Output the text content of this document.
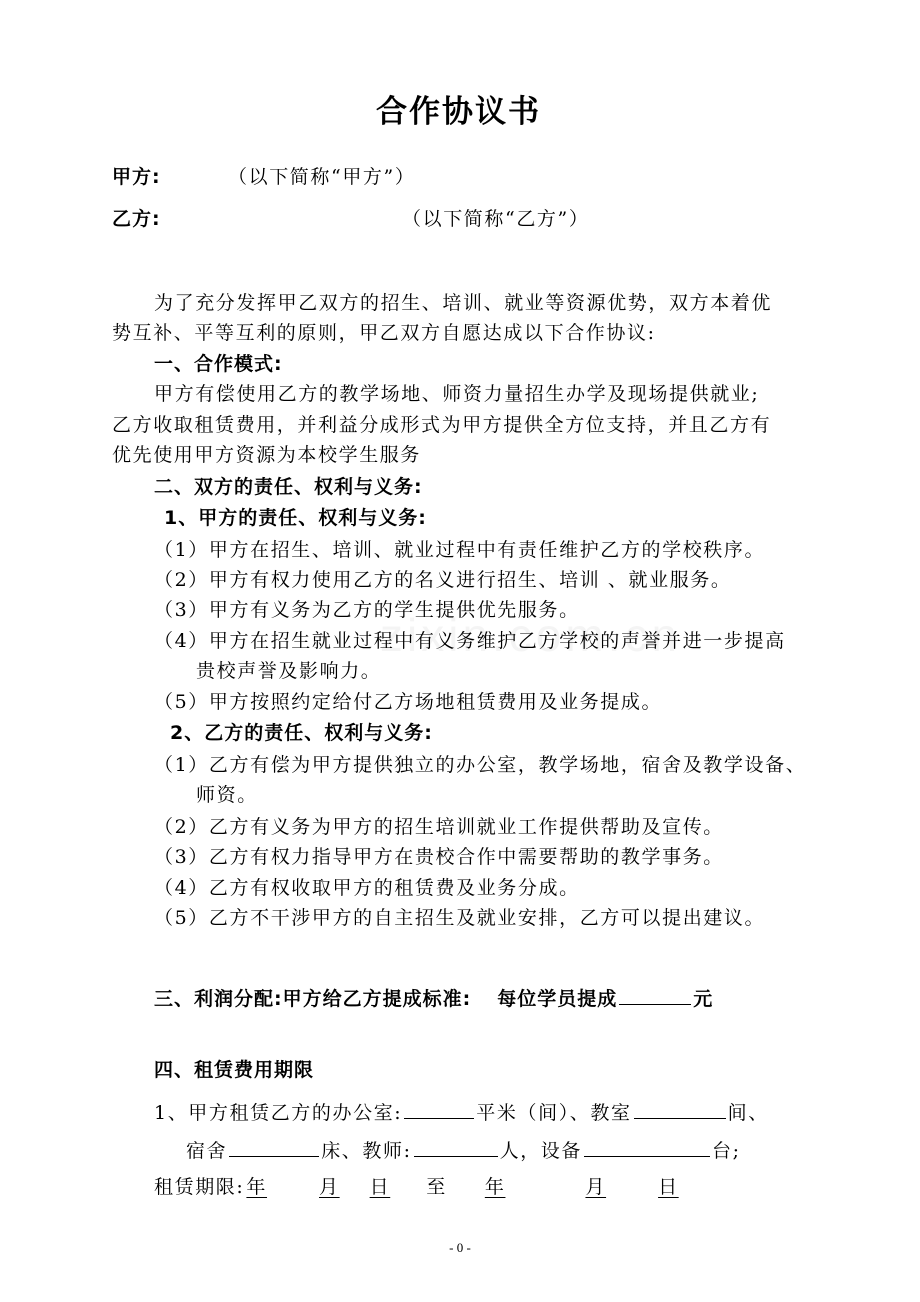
合作协议书
甲方:	（以下简称“甲方”）
乙方:	（以下简称“乙方”）
为了充分发挥甲乙双方的招生、培训、就业等资源优势，双方本着优
势互补、平等互利的原则，甲乙双方自愿达成以下合作协议:
一、合作模式:
甲方有偿使用乙方的教学场地、师资力量招生办学及现场提供就业;
乙方收取租赁费用，并利益分成形式为甲方提供全方位支持，并且乙方有
优先使用甲方资源为本校学生服务
二、双方的责任、权利与义务:
1、甲方的责任、权利与义务:
（1）甲方在招生、培训、就业过程中有责任维护乙方的学校秩序。
（2）甲方有权力使用乙方的名义进行招生、培训 、就业服务。
（3）甲方有义务为乙方的学生提供优先服务。
（4）甲方在招生就业过程中有义务维护乙方学校的声誉并进一步提高
贵校声誉及影响力。
（5）甲方按照约定给付乙方场地租赁费用及业务提成。
2、乙方的责任、权利与义务:
（1）乙方有偿为甲方提供独立的办公室，教学场地，宿舍及教学设备、
师资。
（2）乙方有义务为甲方的招生培训就业工作提供帮助及宣传。
（3）乙方有权力指导甲方在贵校合作中需要帮助的教学事务。
（4）乙方有权收取甲方的租赁费及业务分成。
（5）乙方不干涉甲方的自主招生及就业安排，乙方可以提出建议。
三、利润分配:甲方给乙方提成标准: 每位学员提成	元
四、租赁费用期限
1、甲方租赁乙方的办公室:	平米（间）、教室	间、
宿舍	床、教师:	人，设备	台;
租赁期限: 年	月 日 至 年	月	日
- 0 -
